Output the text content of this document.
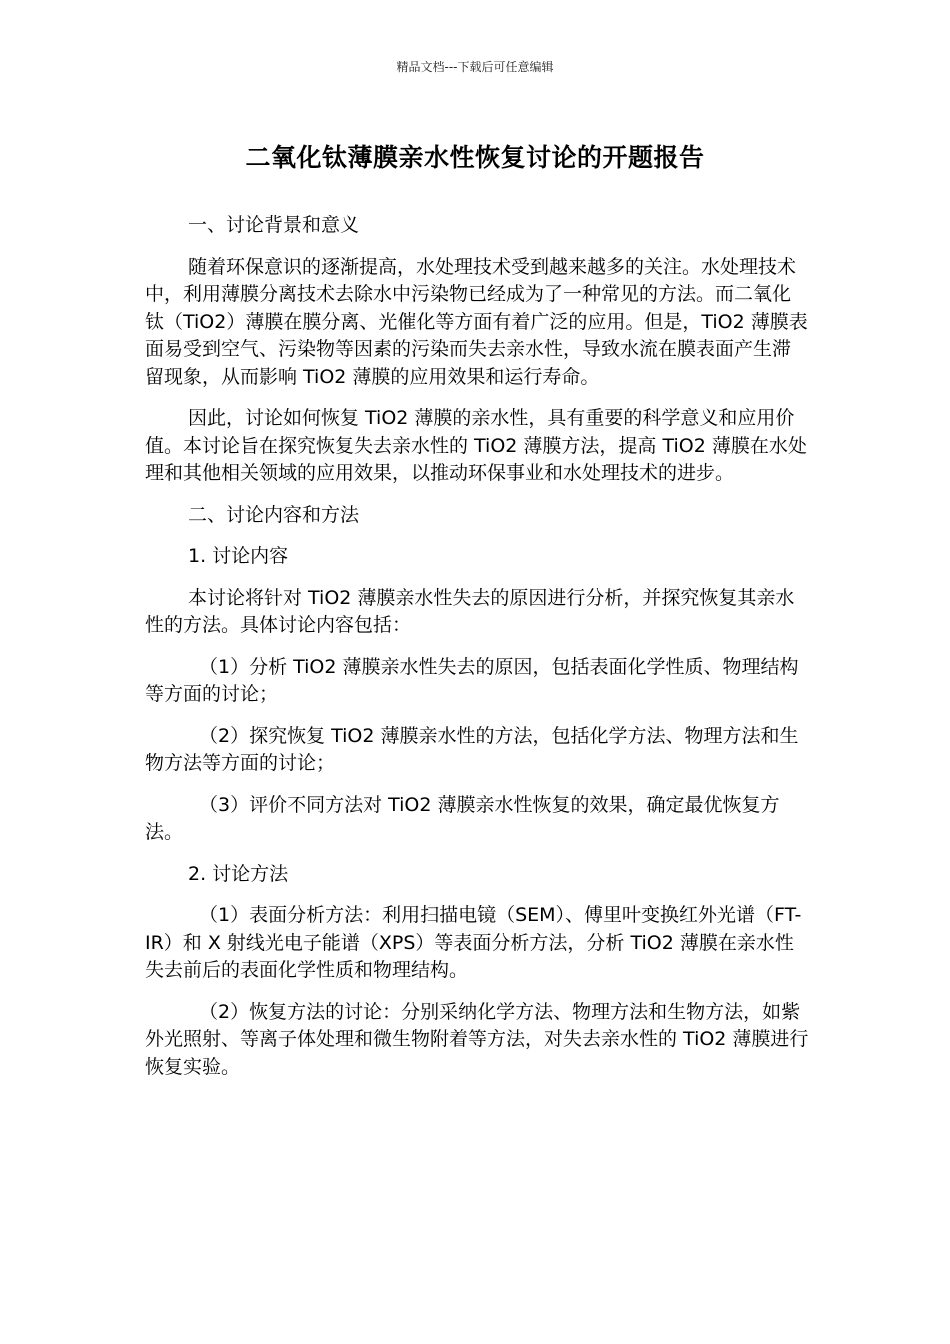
精品文档---下载后可任意编辑
二氧化钛薄膜亲水性恢复讨论的开题报告

一、讨论背景和意义

随着环保意识的逐渐提高，水处理技术受到越来越多的关注。水处理技术中，利用薄膜分离技术去除水中污染物已经成为了一种常见的方法。而二氧化钛（TiO2）薄膜在膜分离、光催化等方面有着广泛的应用。但是，TiO2 薄膜表面易受到空气、污染物等因素的污染而失去亲水性，导致水流在膜表面产生滞留现象，从而影响 TiO2 薄膜的应用效果和运行寿命。

因此，讨论如何恢复 TiO2 薄膜的亲水性，具有重要的科学意义和应用价值。本讨论旨在探究恢复失去亲水性的 TiO2 薄膜方法，提高 TiO2 薄膜在水处理和其他相关领域的应用效果，以推动环保事业和水处理技术的进步。

二、讨论内容和方法

1. 讨论内容

本讨论将针对 TiO2 薄膜亲水性失去的原因进行分析，并探究恢复其亲水性的方法。具体讨论内容包括：

（1）分析 TiO2 薄膜亲水性失去的原因，包括表面化学性质、物理结构等方面的讨论；

（2）探究恢复 TiO2 薄膜亲水性的方法，包括化学方法、物理方法和生物方法等方面的讨论；

（3）评价不同方法对 TiO2 薄膜亲水性恢复的效果，确定最优恢复方法。

2. 讨论方法

（1）表面分析方法：利用扫描电镜（SEM）、傅里叶变换红外光谱（FT-IR）和 X 射线光电子能谱（XPS）等表面分析方法，分析 TiO2 薄膜在亲水性失去前后的表面化学性质和物理结构。

（2）恢复方法的讨论：分别采纳化学方法、物理方法和生物方法，如紫外光照射、等离子体处理和微生物附着等方法，对失去亲水性的 TiO2 薄膜进行恢复实验。
